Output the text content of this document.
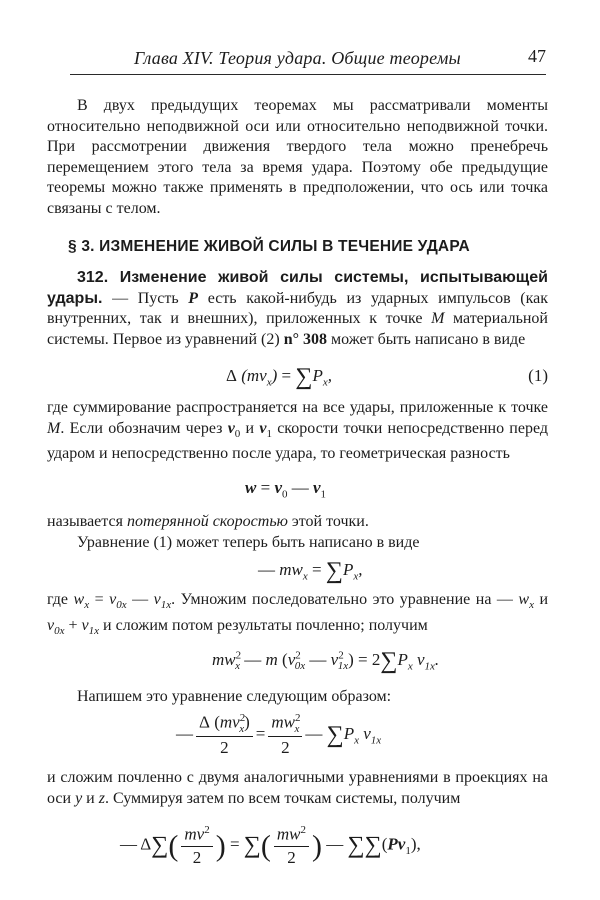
Глава XIV. Теория удара. Общие теоремы	47

В двух предыдущих теоремах мы рассматривали моменты относительно неподвижной оси или относительно неподвижной точки. При рассмотрении движения твердого тела можно пренебречь перемещением этого тела за время удара. Поэтому обе предыдущие теоремы можно также применять в предположении, что ось или точка связаны с телом.

§ 3. ИЗМЕНЕНИЕ ЖИВОЙ СИЛЫ В ТЕЧЕНИЕ УДАРА

312. Изменение живой силы системы, испытывающей удары. — Пусть P есть какой-нибудь из ударных импульсов (как внутренних, так и внешних), приложенных к точке M материальной системы. Первое из уравнений (2) n° 308 может быть написано в виде

Δ $(mv_x) = \sum P_x$,	(1)

где суммирование распространяется на все удары, приложенные к точке M. Если обозначим через $v_0$ и $v_1$ скорости точки непосредственно перед ударом и непосредственно после удара, то геометрическая разность

$w = v_0$ — $v_1$

называется потерянной скоростью этой точки.

Уравнение (1) может теперь быть написано в виде

— $mw_x = \sum P_x$,

где $w_x = v_{0x}$ — $v_{1x}$. Умножим последовательно это уравнение на — $w_x$ и $v_{0x} + v_{1x}$ и сложим потом результаты почленно; получим

$mw^2_x$ — m ($v^2_{0x}$ — $v^2_{1x}) = 2\sum P_x$ $v_{1x}$.

Напишем это уравнение следующим образом:

— $\frac{\Delta (mv^2_x)}{2} = \frac{mw^2_x}{2}$ — $\sum P_x$ $v_{1x}$

и сложим почленно с двумя аналогичными уравнениями в проекциях на оси y и z. Суммируя затем по всем точкам системы, получим

— $\Delta\sum( \frac{mv^2}{2}$ ) = ∑( $\frac{mw^2}{2}$ ) — $\sum\sum(Pv_1)$,
